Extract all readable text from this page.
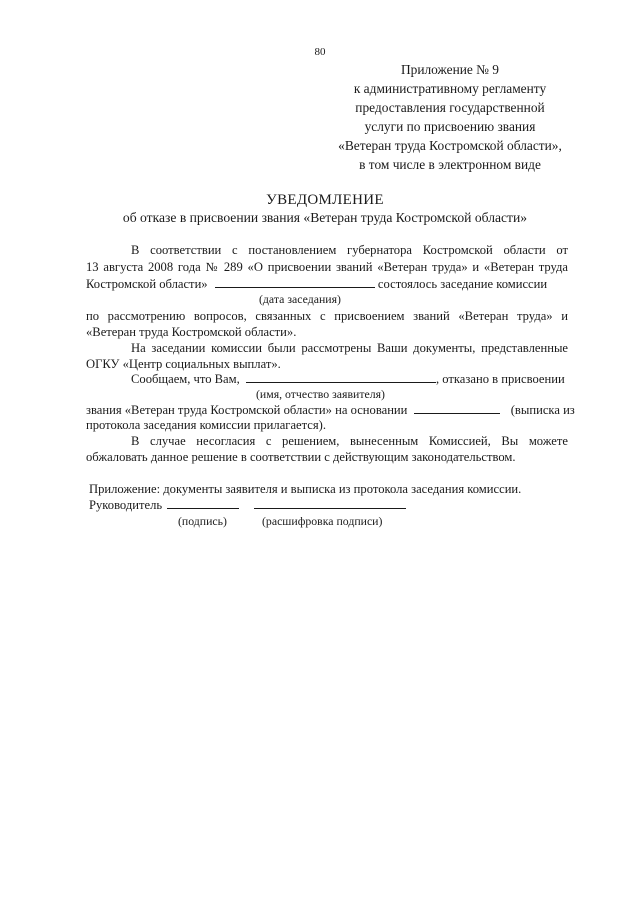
80
Приложение № 9
к административному регламенту
предоставления государственной
услуги по присвоению звания
«Ветеран труда Костромской области»,
в том числе в электронном виде
УВЕДОМЛЕНИЕ
об отказе в присвоении звания «Ветеран труда Костромской области»
В соответствии с постановлением губернатора Костромской области от
13 августа 2008 года № 289 «О присвоении званий «Ветеран труда» и «Ветеран труда
Костромской области»	состоялось заседание комиссии
(дата заседания)
по рассмотрению вопросов, связанных с присвоением званий «Ветеран труда» и
«Ветеран труда Костромской области».
На заседании комиссии были рассмотрены Ваши документы, представленные
ОГКУ «Центр социальных выплат».
Сообщаем, что Вам,	, отказано в присвоении
(имя, отчество заявителя)
звания «Ветеран труда Костромской области» на основании	(выписка из
протокола заседания комиссии прилагается).
В случае несогласия с решением, вынесенным Комиссией, Вы можете
обжаловать данное решение в соответствии с действующим законодательством.
Приложение: документы заявителя и выписка из протокола заседания комиссии.
Руководитель
(подпись)	(расшифровка подписи)
